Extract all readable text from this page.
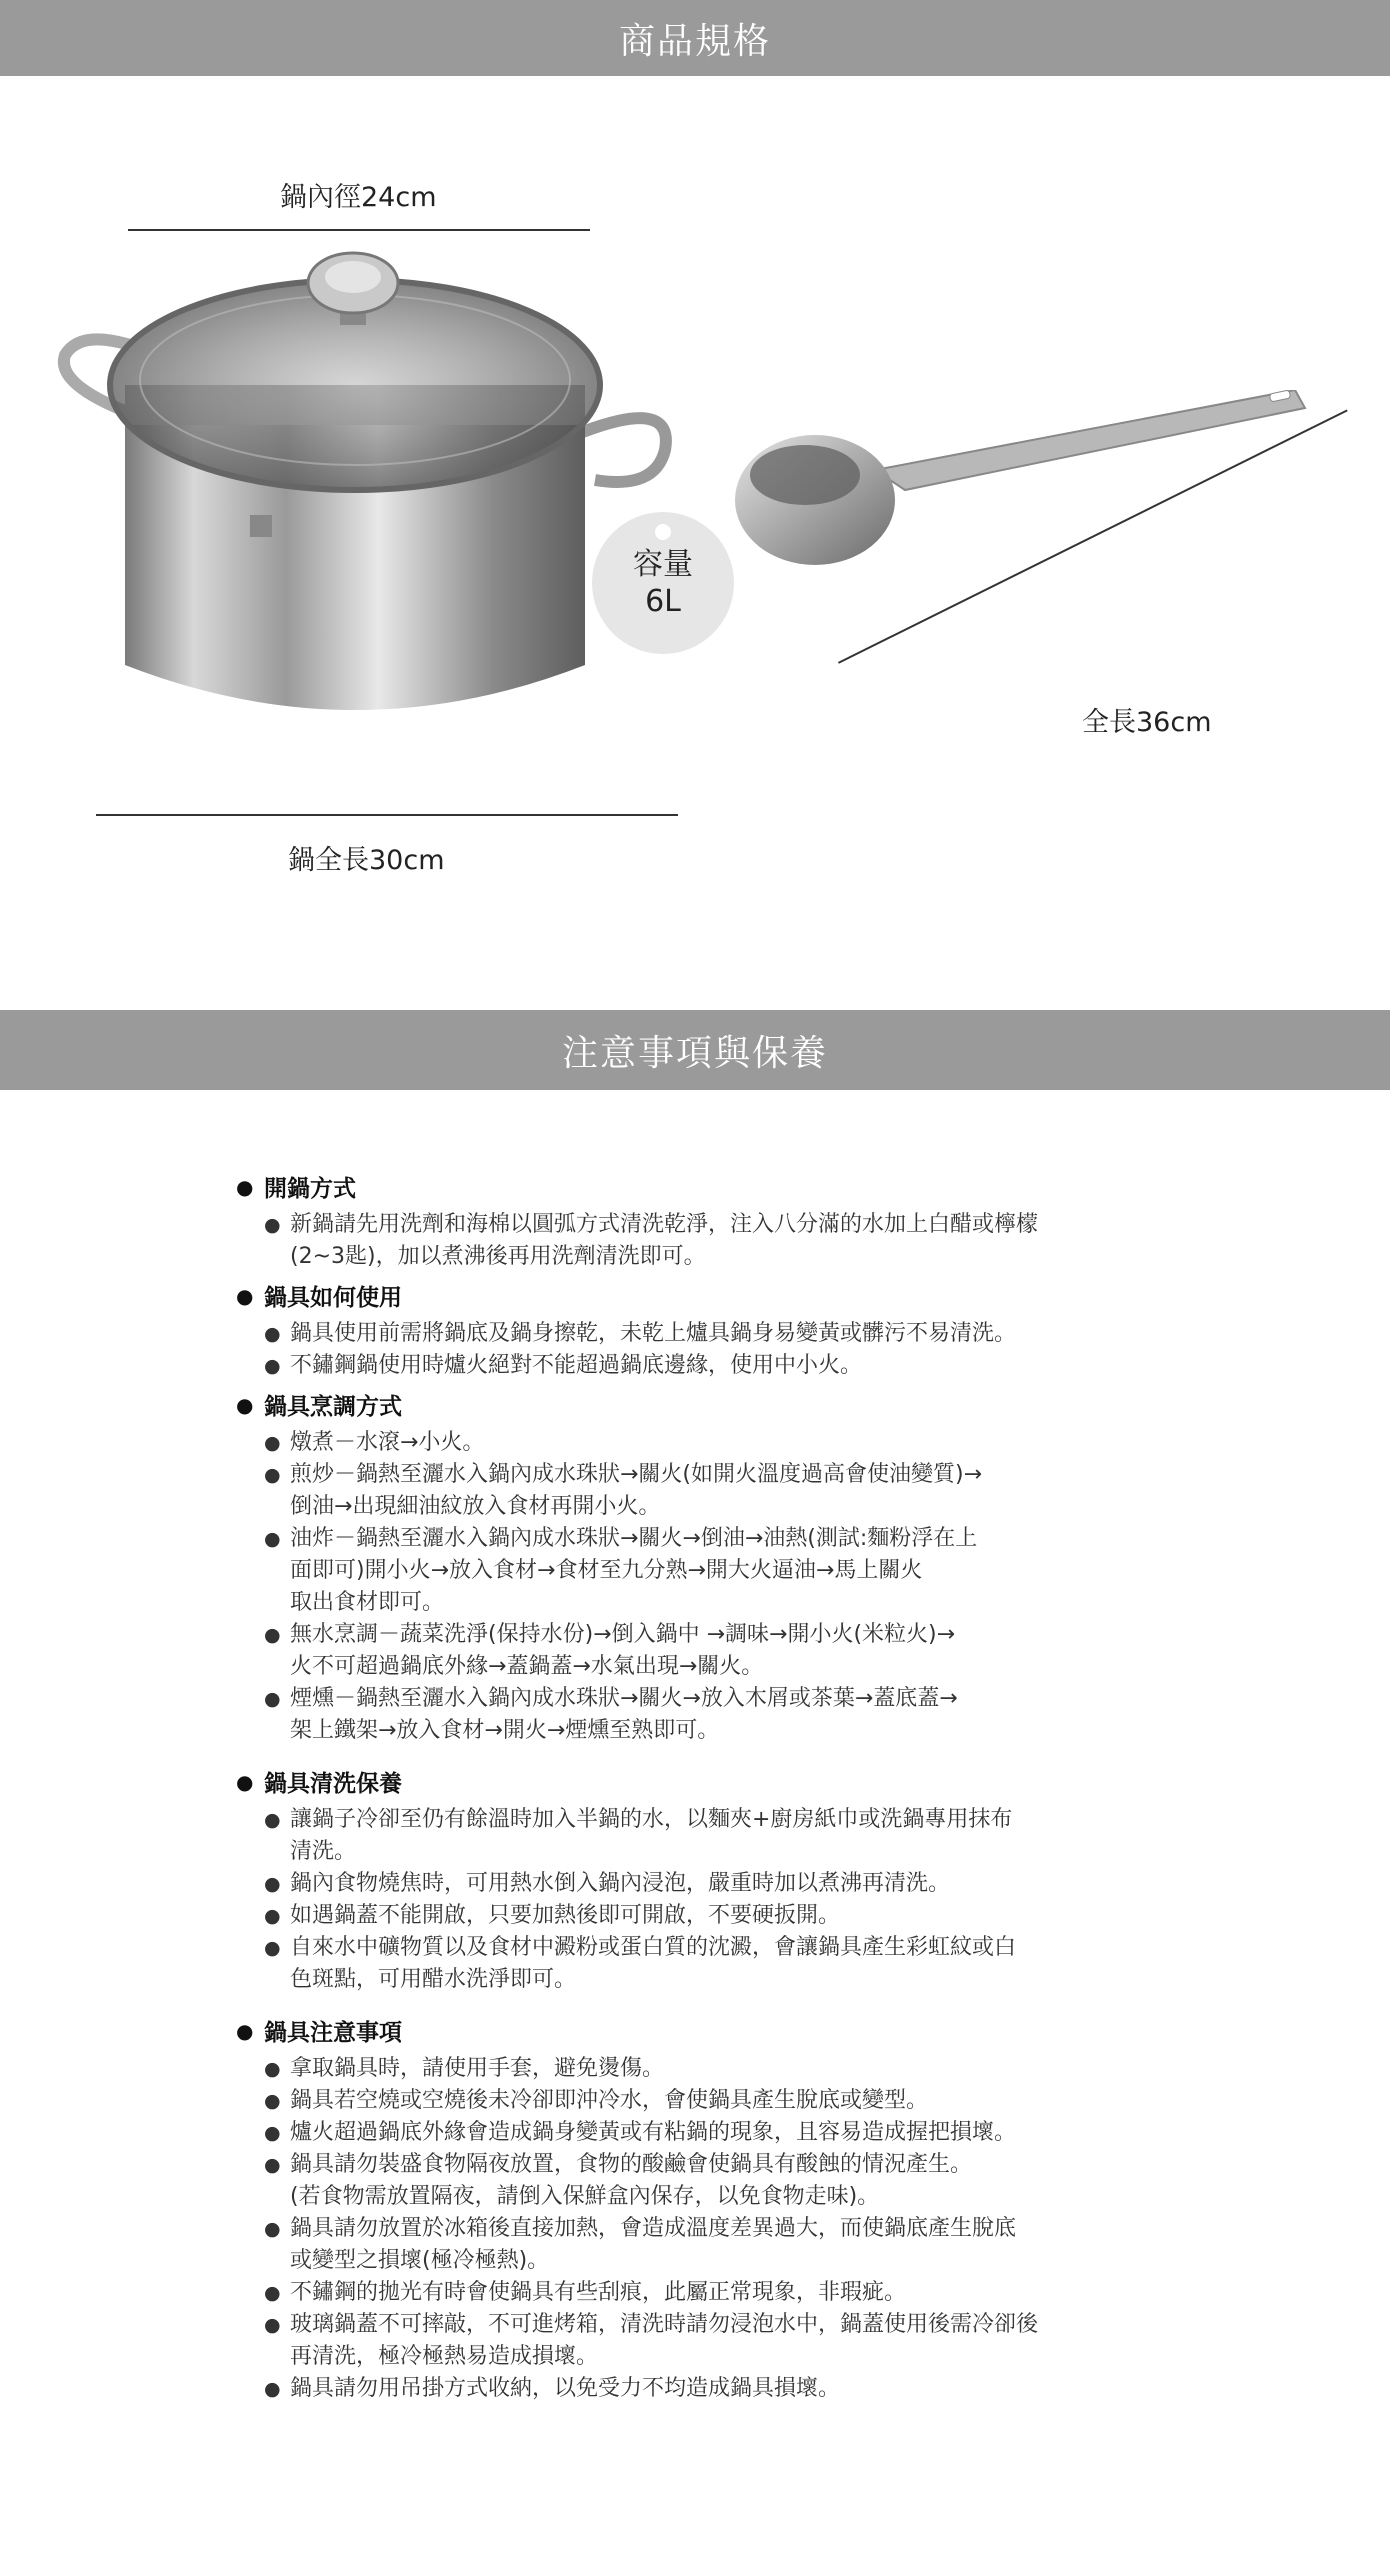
商品規格
鍋內徑24cm
容量
6L
鍋全長30cm
全長36cm
注意事項與保養
● 開鍋方式
● 新鍋請先用洗劑和海棉以圓弧方式清洗乾淨，注入八分滿的水加上白醋或檸檬
(2~3匙)，加以煮沸後再用洗劑清洗即可。
● 鍋具如何使用
● 鍋具使用前需將鍋底及鍋身擦乾，未乾上爐具鍋身易變黃或髒污不易清洗。
● 不鏽鋼鍋使用時爐火絕對不能超過鍋底邊緣，使用中小火。
● 鍋具烹調方式
● 燉煮－水滾→小火。
● 煎炒－鍋熱至灑水入鍋內成水珠狀→關火(如開火溫度過高會使油變質)→
倒油→出現細油紋放入食材再開小火。
● 油炸－鍋熱至灑水入鍋內成水珠狀→關火→倒油→油熱(測試:麵粉浮在上
面即可)開小火→放入食材→食材至九分熟→開大火逼油→馬上關火
取出食材即可。
● 無水烹調－蔬菜洗淨(保持水份)→倒入鍋中 →調味→開小火(米粒火)→
火不可超過鍋底外緣→蓋鍋蓋→水氣出現→關火。
● 煙燻－鍋熱至灑水入鍋內成水珠狀→關火→放入木屑或茶葉→蓋底蓋→
架上鐵架→放入食材→開火→煙燻至熟即可。
● 鍋具清洗保養
● 讓鍋子冷卻至仍有餘溫時加入半鍋的水，以麵夾+廚房紙巾或洗鍋專用抹布
清洗。
● 鍋內食物燒焦時，可用熱水倒入鍋內浸泡，嚴重時加以煮沸再清洗。
● 如遇鍋蓋不能開啟，只要加熱後即可開啟，不要硬扳開。
● 自來水中礦物質以及食材中澱粉或蛋白質的沈澱，會讓鍋具產生彩虹紋或白
色斑點，可用醋水洗淨即可。
● 鍋具注意事項
● 拿取鍋具時，請使用手套，避免燙傷。
● 鍋具若空燒或空燒後未冷卻即沖冷水，會使鍋具產生脫底或變型。
● 爐火超過鍋底外緣會造成鍋身變黃或有粘鍋的現象，且容易造成握把損壞。
● 鍋具請勿裝盛食物隔夜放置，食物的酸鹼會使鍋具有酸蝕的情況產生。
(若食物需放置隔夜，請倒入保鮮盒內保存，以免食物走味)。
● 鍋具請勿放置於冰箱後直接加熱，會造成溫度差異過大，而使鍋底產生脫底
或變型之損壞(極冷極熱)。
● 不鏽鋼的拋光有時會使鍋具有些刮痕，此屬正常現象，非瑕疵。
● 玻璃鍋蓋不可摔敲，不可進烤箱，清洗時請勿浸泡水中，鍋蓋使用後需冷卻後
再清洗，極冷極熱易造成損壞。
● 鍋具請勿用吊掛方式收納，以免受力不均造成鍋具損壞。
